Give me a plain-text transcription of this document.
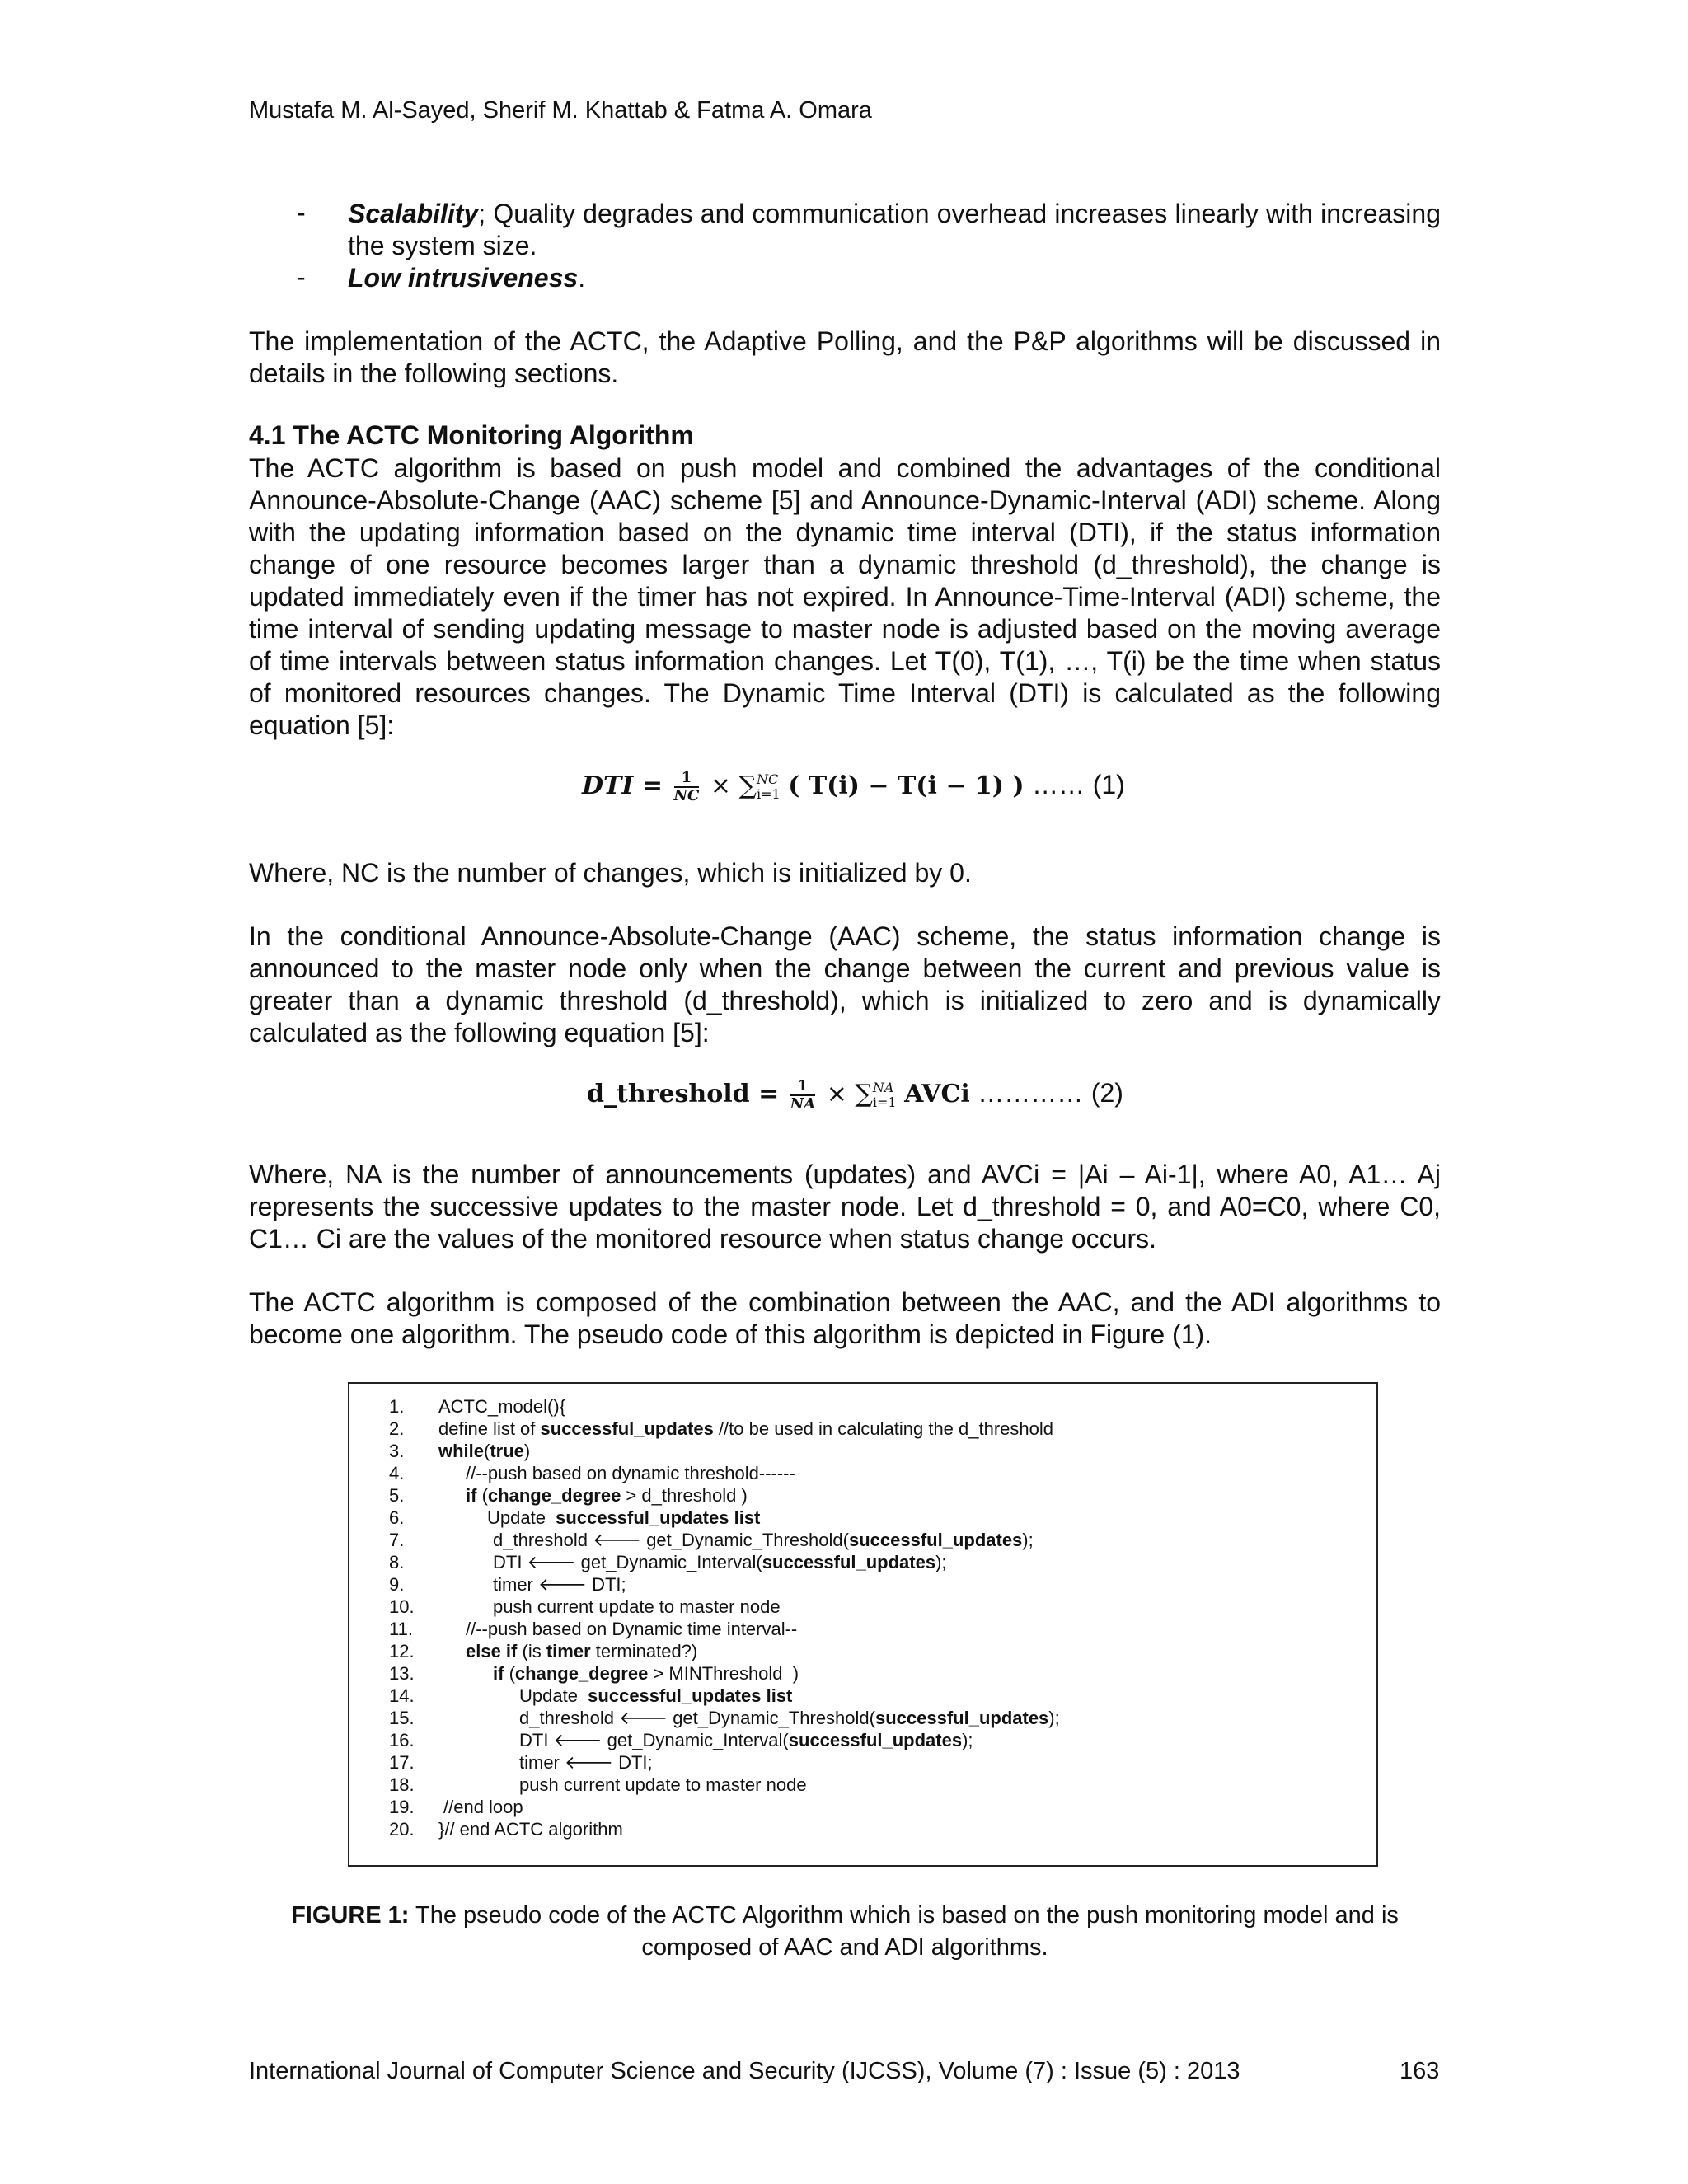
Mustafa M. Al-Sayed, Sherif M. Khattab & Fatma A. Omara
- Scalability; Quality degrades and communication overhead increases linearly with increasing the system size.
- Low intrusiveness.
The implementation of the ACTC, the Adaptive Polling, and the P&P algorithms will be discussed in details in the following sections.
4.1 The ACTC Monitoring Algorithm
The ACTC algorithm is based on push model and combined the advantages of the conditional Announce-Absolute-Change (AAC) scheme [5] and Announce-Dynamic-Interval (ADI) scheme. Along with the updating information based on the dynamic time interval (DTI), if the status information change of one resource becomes larger than a dynamic threshold (d_threshold), the change is updated immediately even if the timer has not expired. In Announce-Time-Interval (ADI) scheme, the time interval of sending updating message to master node is adjusted based on the moving average of time intervals between status information changes. Let T(0), T(1), …, T(i) be the time when status of monitored resources changes. The Dynamic Time Interval (DTI) is calculated as the following equation [5]:
DTI = $\frac{1}{NC}$ × ∑ NC
i=1 ( T(i) − T(i − 1) ) …… (1)
Where, NC is the number of changes, which is initialized by 0.
In the conditional Announce-Absolute-Change (AAC) scheme, the status information change is announced to the master node only when the change between the current and previous value is greater than a dynamic threshold (d_threshold), which is initialized to zero and is dynamically calculated as the following equation [5]:
d_threshold = $\frac{1}{NA}$ × ∑ NA
i=1 AVCi ………… (2)
Where, NA is the number of announcements (updates) and AVCi = |Ai – Ai-1|, where A0, A1… Aj represents the successive updates to the master node. Let d_threshold = 0, and A0=C0, where C0, C1… Ci are the values of the monitored resource when status change occurs.
The ACTC algorithm is composed of the combination between the AAC, and the ADI algorithms to become one algorithm. The pseudo code of this algorithm is depicted in Figure (1).
1.	ACTC_model(){
2.	define list of successful_updates //to be used in calculating the d_threshold
3.	while(true)
4.	//--push based on dynamic threshold------
5.	if (change_degree > d_threshold )
6.	Update  successful_updates list
7.	d_threshold 🡐 get_Dynamic_Threshold(successful_updates);
8.	DTI 🡐 get_Dynamic_Interval(successful_updates);
9.	timer 🡐 DTI;
10.	push current update to master node
11.	//--push based on Dynamic time interval--
12.	else if (is timer terminated?)
13.	if (change_degree > MINThreshold  )
14.	Update  successful_updates list
15.	d_threshold 🡐 get_Dynamic_Threshold(successful_updates);
16.	DTI 🡐 get_Dynamic_Interval(successful_updates);
17.	timer 🡐 DTI;
18.	push current update to master node
19.	//end loop
20.	}// end ACTC algorithm
FIGURE 1: The pseudo code of the ACTC Algorithm which is based on the push monitoring model and is composed of AAC and ADI algorithms.
International Journal of Computer Science and Security (IJCSS), Volume (7) : Issue (5) : 2013	163
